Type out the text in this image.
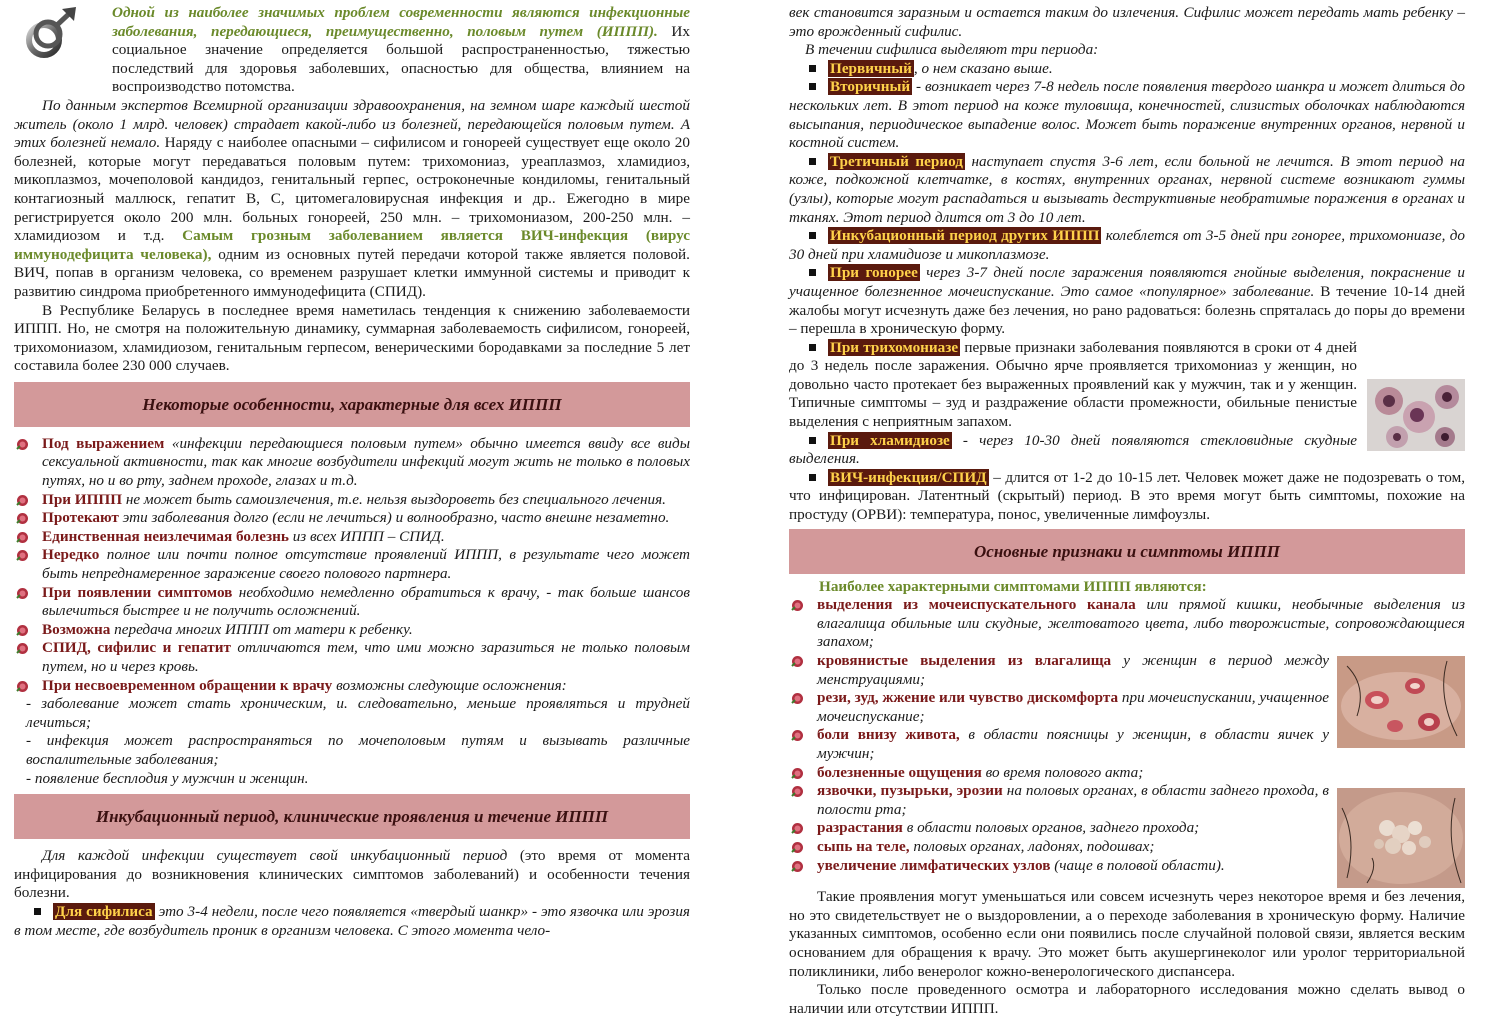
Одной из наиболее значимых проблем современности являются инфекционные заболевания, передающиеся, преимущественно, половым путем (ИППП). Их социальное значение определяется большой распространенностью, тяжестью последствий для здоровья заболевших, опасностью для общества, влиянием на воспроизводство потомства.

По данным экспертов Всемирной организации здравоохранения, на земном шаре каждый шестой житель (около 1 млрд. человек) страдает какой-либо из болезней, передающейся половым путем. А этих болезней немало. Наряду с наиболее опасными – сифилисом и гонореей существует еще около 20 болезней, которые могут передаваться половым путем: трихомониаз, уреаплазмоз, хламидиоз, микоплазмоз, мочеполовой кандидоз, генитальный герпес, остроконечные кондиломы, генитальный контагиозный маллюск, гепатит В, С, цитомегаловирусная инфекция и др.. Ежегодно в мире регистрируется около 200 млн. больных гонореей, 250 млн. – трихомониазом, 200-250 млн. – хламидиозом и т.д. Самым грозным заболеванием является ВИЧ-инфекция (вирус иммунодефицита человека), одним из основных путей передачи которой также является половой. ВИЧ, попав в организм человека, со временем разрушает клетки иммунной системы и приводит к развитию синдрома приобретенного иммунодефицита (СПИД).

В Республике Беларусь в последнее время наметилась тенденция к снижению заболеваемости ИППП. Но, не смотря на положительную динамику, суммарная заболеваемость сифилисом, гонореей, трихомониазом, хламидиозом, генитальным герпесом, венерическими бородавками за последние 5 лет составила более 230 000 случаев.

Некоторые особенности, характерные для всех ИППП
Под выражением «инфекции передающиеся половым путем» обычно имеется ввиду все виды сексуальной активности, так как многие возбудители инфекций могут жить не только в половых путях, но и во рту, заднем проходе, глазах и т.д.
При ИППП не может быть самоизлечения, т.е. нельзя выздороветь без специального лечения.
Протекают эти заболевания долго (если не лечиться) и волнообразно, часто внешне незаметно.
Единственная неизлечимая болезнь из всех ИППП – СПИД.
Нередко полное или почти полное отсутствие проявлений ИППП, в результате чего может быть непреднамеренное заражение своего полового партнера.
При появлении симптомов необходимо немедленно обратиться к врачу, - так больше шансов вылечиться быстрее и не получить осложнений.
Возможна передача многих ИППП от матери к ребенку.
СПИД, сифилис и гепатит отличаются тем, что ими можно заразиться не только половым путем, но и через кровь.
При несвоевременном обращении к врачу возможны следующие осложнения:

- заболевание может стать хроническим, и. следовательно, меньше проявляться и трудней лечиться;

- инфекция может распространяться по мочеполовым путям и вызывать различные воспалительные заболевания;

- появление бесплодия у мужчин и женщин.

Инкубационный период, клинические проявления и течение ИППП

Для каждой инфекции существует свой инкубационный период (это время от момента инфицирования до возникновения клинических симптомов заболеваний) и особенности течения болезни.

Для сифилиса это 3-4 недели, после чего появляется «твердый шанкр» - это язвочка или эрозия в том месте, где возбудитель проник в организм человека. С этого момента чело-

век становится заразным и остается таким до излечения. Сифилис может передать мать ребенку – это врожденный сифилис.

В течении сифилиса выделяют три периода:

Первичный , о нем сказано выше.
Вторичный - возникает через 7-8 недель после появления твердого шанкра и может длиться до нескольких лет. В этот период на коже туловища, конечностей, слизистых оболочках наблюдаются высыпания, периодическое выпадение волос. Может быть поражение внутренних органов, нервной и костной систем.
Третичный период наступает спустя 3-6 лет, если больной не лечится. В этот период на коже, подкожной клетчатке, в костях, внутренних органах, нервной системе возникают гуммы (узлы), которые могут распадаться и вызывать деструктивные необратимые поражения в органах и тканях. Этот период длится от 3 до 10 лет.
Инкубационный период других ИППП колеблется от 3-5 дней при гонорее, трихомониазе, до 30 дней при хламидиозе и микоплазмозе.
При гонорее через 3-7 дней после заражения появляются гнойные выделения, покраснение и учащенное болезненное мочеиспускание. Это самое «популярное» заболевание. В течение 10-14 дней жалобы могут исчезнуть даже без лечения, но рано радоваться: болезнь спряталась до поры до времени – перешла в хроническую форму.
При трихомониазе первые признаки заболевания появляются в сроки от 4 дней до 3 недель после заражения. Обычно ярче проявляется трихомониаз у женщин, но довольно часто протекает без выраженных проявлений как у мужчин, так и у женщин. Типичные симптомы – зуд и раздражение области промежности, обильные пенистые выделения с неприятным запахом.
При хламидиозе - через 10-30 дней появляются стекловидные скудные выделения.
ВИЧ-инфекция/СПИД – длится от 1-2 до 10-15 лет. Человек может даже не подозревать о том, что инфицирован. Латентный (скрытый) период. В это время могут быть симптомы, похожие на простуду (ОРВИ): температура, понос, увеличенные лимфоузлы.
Основные признаки и симптомы ИППП

Наиболее характерными симптомами ИППП являются:

выделения из мочеиспускательного канала или прямой кишки, необычные выделения из влагалища обильные или скудные, желтоватого цвета, либо творожистые, сопровождающиеся запахом;
кровянистые выделения из влагалища у женщин в период между менструациями;
рези, зуд, жжение или чувство дискомфорта при мочеиспускании, учащенное мочеиспускание;
боли внизу живота, в области поясницы у женщин, в области яичек у мужчин;
болезненные ощущения во время полового акта;
язвочки, пузырьки, эрозии на половых органах, в области заднего прохода, в полости рта;
разрастания в области половых органов, заднего прохода;
сыпь на теле, половых органах, ладонях, подошвах;
увеличение лимфатических узлов (чаще в половой области).

Такие проявления могут уменьшаться или совсем исчезнуть через некоторое время и без лечения, но это свидетельствует не о выздоровлении, а о переходе заболевания в хроническую форму. Наличие указанных симптомов, особенно если они появились после случайной половой связи, является веским основанием для обращения к врачу. Это может быть акушергинеколог или уролог территориальной поликлиники, либо венеролог кожно-венерологического диспансера.

Только после проведенного осмотра и лабораторного исследования можно сделать вывод о наличии или отсутствии ИППП.
